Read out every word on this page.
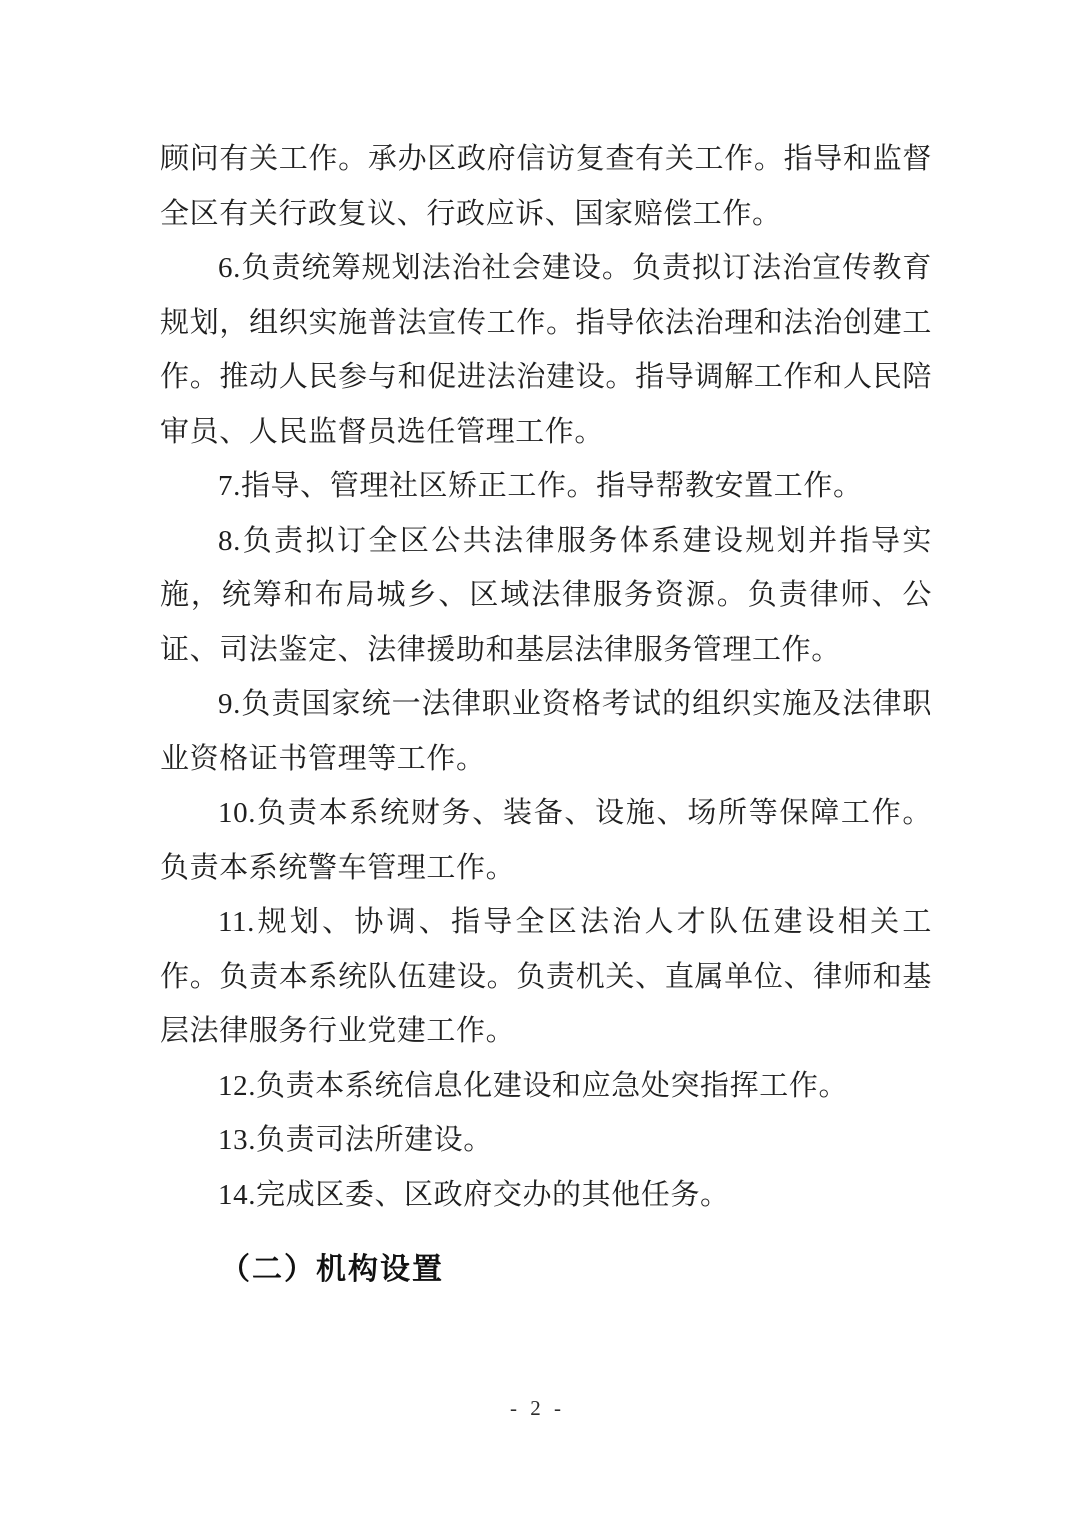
顾问有关工作。承办区政府信访复查有关工作。指导和监督全区有关行政复议、行政应诉、国家赔偿工作。

6.负责统筹规划法治社会建设。负责拟订法治宣传教育规划，组织实施普法宣传工作。指导依法治理和法治创建工作。推动人民参与和促进法治建设。指导调解工作和人民陪审员、人民监督员选任管理工作。

7.指导、管理社区矫正工作。指导帮教安置工作。

8.负责拟订全区公共法律服务体系建设规划并指导实施，统筹和布局城乡、区域法律服务资源。负责律师、公证、司法鉴定、法律援助和基层法律服务管理工作。

9.负责国家统一法律职业资格考试的组织实施及法律职业资格证书管理等工作。

10.负责本系统财务、装备、设施、场所等保障工作。负责本系统警车管理工作。

11.规划、协调、指导全区法治人才队伍建设相关工作。负责本系统队伍建设。负责机关、直属单位、律师和基层法律服务行业党建工作。

12.负责本系统信息化建设和应急处突指挥工作。

13.负责司法所建设。

14.完成区委、区政府交办的其他任务。

（二）机构设置
- 2 -
